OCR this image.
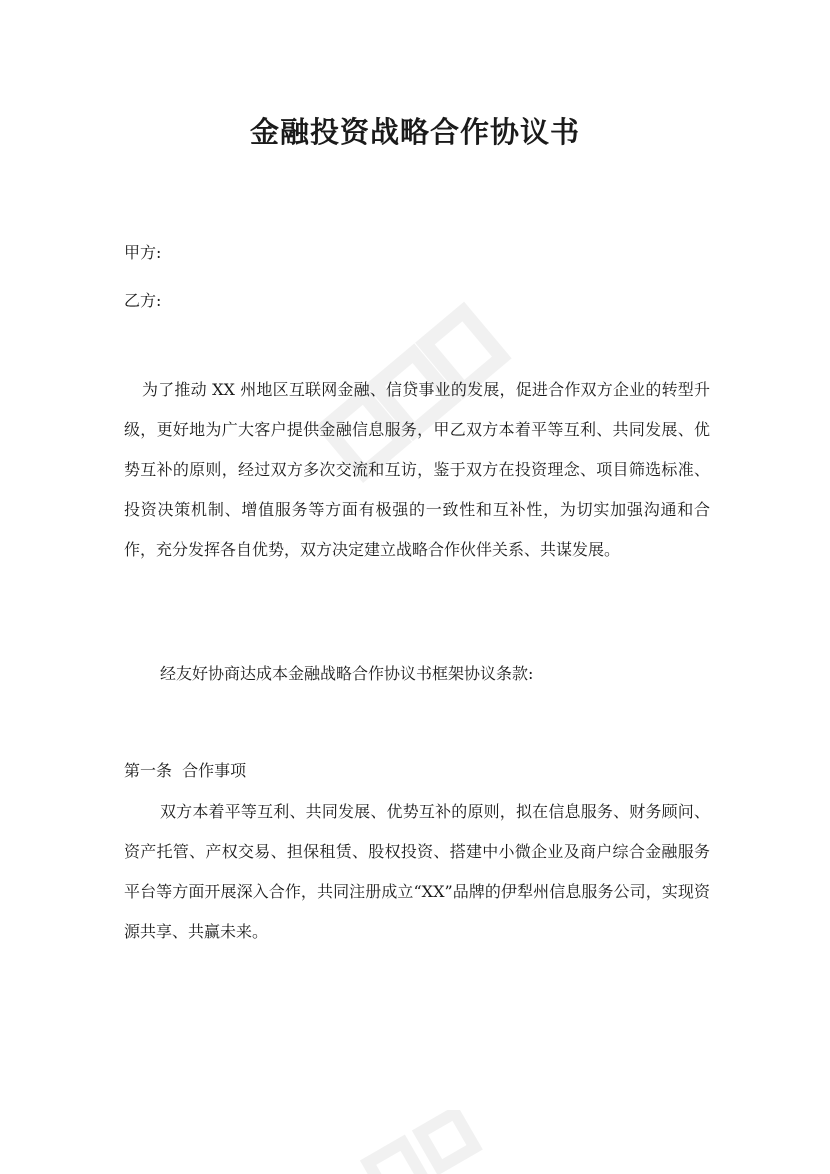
金融投资战略合作协议书

甲方:

乙方:

为了推动 XX 州地区互联网金融、信贷事业的发展，促进合作双方企业的转型升级，更好地为广大客户提供金融信息服务，甲乙双方本着平等互利、共同发展、优势互补的原则，经过双方多次交流和互访，鉴于双方在投资理念、项目筛选标准、投资决策机制、增值服务等方面有极强的一致性和互补性，为切实加强沟通和合作，充分发挥各自优势，双方决定建立战略合作伙伴关系、共谋发展。

经友好协商达成本金融战略合作协议书框架协议条款:

第一条  合作事项

双方本着平等互利、共同发展、优势互补的原则，拟在信息服务、财务顾问、资产托管、产权交易、担保租赁、股权投资、搭建中小微企业及商户综合金融服务平台等方面开展深入合作，共同注册成立“XX”品牌的伊犁州信息服务公司，实现资源共享、共赢未来。
